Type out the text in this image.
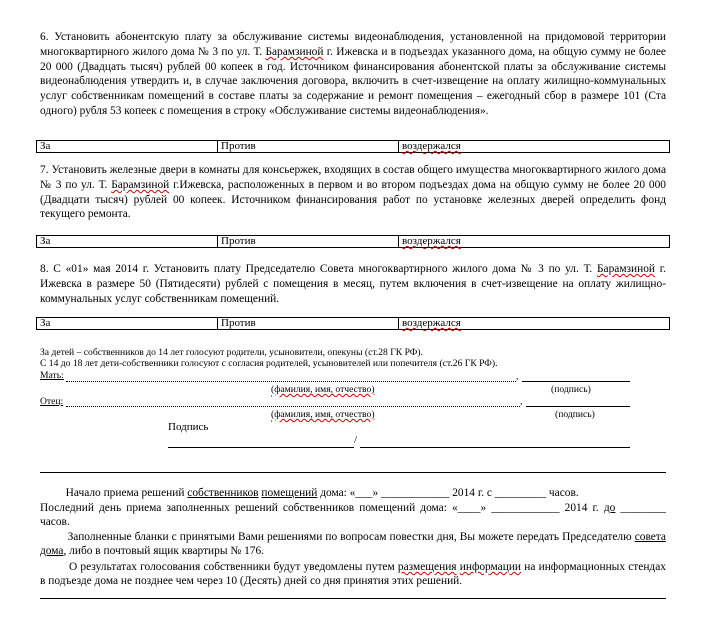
6. Установить абонентскую плату за обслуживание системы видеонаблюдения, установленной на придомовой территории многоквартирного жилого дома № 3 по ул. Т. Барамзиной г. Ижевска и в подъездах указанного дома, на общую сумму не более 20 000 (Двадцать тысяч) рублей 00 копеек в год. Источником финансирования абонентской платы за обслуживание системы видеонаблюдения утвердить и, в случае заключения договора, включить в счет-извещение на оплату жилищно-коммунальных услуг собственникам помещений в составе платы за содержание и ремонт помещения – ежегодный сбор в размере 101 (Ста одного) рубля 53 копеек с помещения в строку «Обслуживание системы видеонаблюдения».

За	Против	воздержался

7. Установить железные двери в комнаты для консьержек, входящих в состав общего имущества многоквартирного жилого дома № 3 по ул. Т. Барамзиной г.Ижевска, расположенных в первом и во втором подъездах дома на общую сумму не более 20 000 (Двадцати тысяч) рублей 00 копеек. Источником финансирования работ по установке железных дверей определить фонд текущего ремонта.

За	Против	воздержался

8. С «01» мая 2014 г. Установить плату Председателю Совета многоквартирного жилого дома № 3 по ул. Т. Барамзиной г. Ижевска в размере 50 (Пятидесяти) рублей с помещения в месяц, путем включения в счет-извещение на оплату жилищно-коммунальных услуг собственникам помещений.

За	Против	воздержался
За детей – собственников до 14 лет голосуют родители, усыновители, опекуны (ст.28 ГК РФ).
С 14 до 18 лет дети-собственники голосуют с согласия родителей, усыновителей или попечителя (ст.26 ГК РФ).
Мать:	,
(фамилия, имя, отчество)	(подпись)
Отец:	,
(фамилия, имя, отчество)	(подпись)
Подпись
/

Начало приема решений собственников помещений дома: «___» ____________ 2014 г. с _________ часов.

Последний день приема заполненных решений собственников помещений дома: «____» ____________ 2014 г. до ________ часов.

Заполненные бланки с принятыми Вами решениями по вопросам повестки дня, Вы можете передать Председателю совета дома, либо в почтовый ящик квартиры № 176.

О результатах голосования собственники будут уведомлены путем размещения информации на информационных стендах в подъезде дома не позднее чем через 10 (Десять) дней со дня принятия этих решений.
